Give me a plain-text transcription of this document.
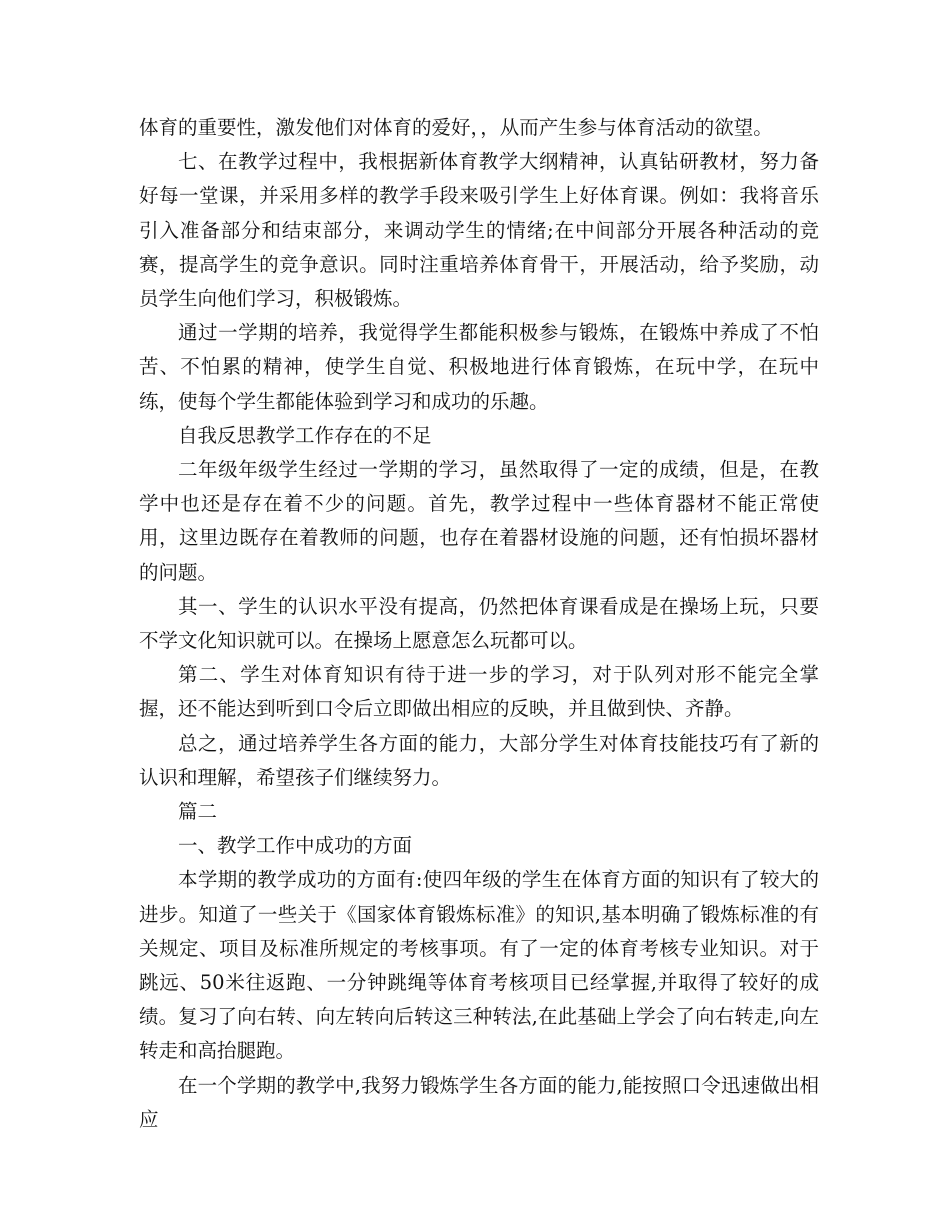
体育的重要性，激发他们对体育的爱好，，从而产生参与体育活动的欲望。

七、在教学过程中，我根据新体育教学大纲精神，认真钻研教材，努力备好每一堂课，并采用多样的教学手段来吸引学生上好体育课。例如：我将音乐引入准备部分和结束部分，来调动学生的情绪;在中间部分开展各种活动的竞赛，提高学生的竞争意识。同时注重培养体育骨干，开展活动，给予奖励，动员学生向他们学习，积极锻炼。

通过一学期的培养，我觉得学生都能积极参与锻炼，在锻炼中养成了不怕苦、不怕累的精神，使学生自觉、积极地进行体育锻炼，在玩中学，在玩中练，使每个学生都能体验到学习和成功的乐趣。

自我反思教学工作存在的不足

二年级年级学生经过一学期的学习，虽然取得了一定的成绩，但是，在教学中也还是存在着不少的问题。首先，教学过程中一些体育器材不能正常使用，这里边既存在着教师的问题，也存在着器材设施的问题，还有怕损坏器材的问题。

其一、学生的认识水平没有提高，仍然把体育课看成是在操场上玩，只要不学文化知识就可以。在操场上愿意怎么玩都可以。

第二、学生对体育知识有待于进一步的学习，对于队列对形不能完全掌握，还不能达到听到口令后立即做出相应的反映，并且做到快、齐静。

总之，通过培养学生各方面的能力，大部分学生对体育技能技巧有了新的认识和理解，希望孩子们继续努力。

篇二

一、教学工作中成功的方面

本学期的教学成功的方面有:使四年级的学生在体育方面的知识有了较大的进步。知道了一些关于《国家体育锻炼标准》的知识,基本明确了锻炼标准的有关规定、项目及标准所规定的考核事项。有了一定的体育考核专业知识。对于跳远、50米往返跑、一分钟跳绳等体育考核项目已经掌握,并取得了较好的成绩。复习了向右转、向左转向后转这三种转法,在此基础上学会了向右转走,向左转走和高抬腿跑。

在一个学期的教学中,我努力锻炼学生各方面的能力,能按照口令迅速做出相应
